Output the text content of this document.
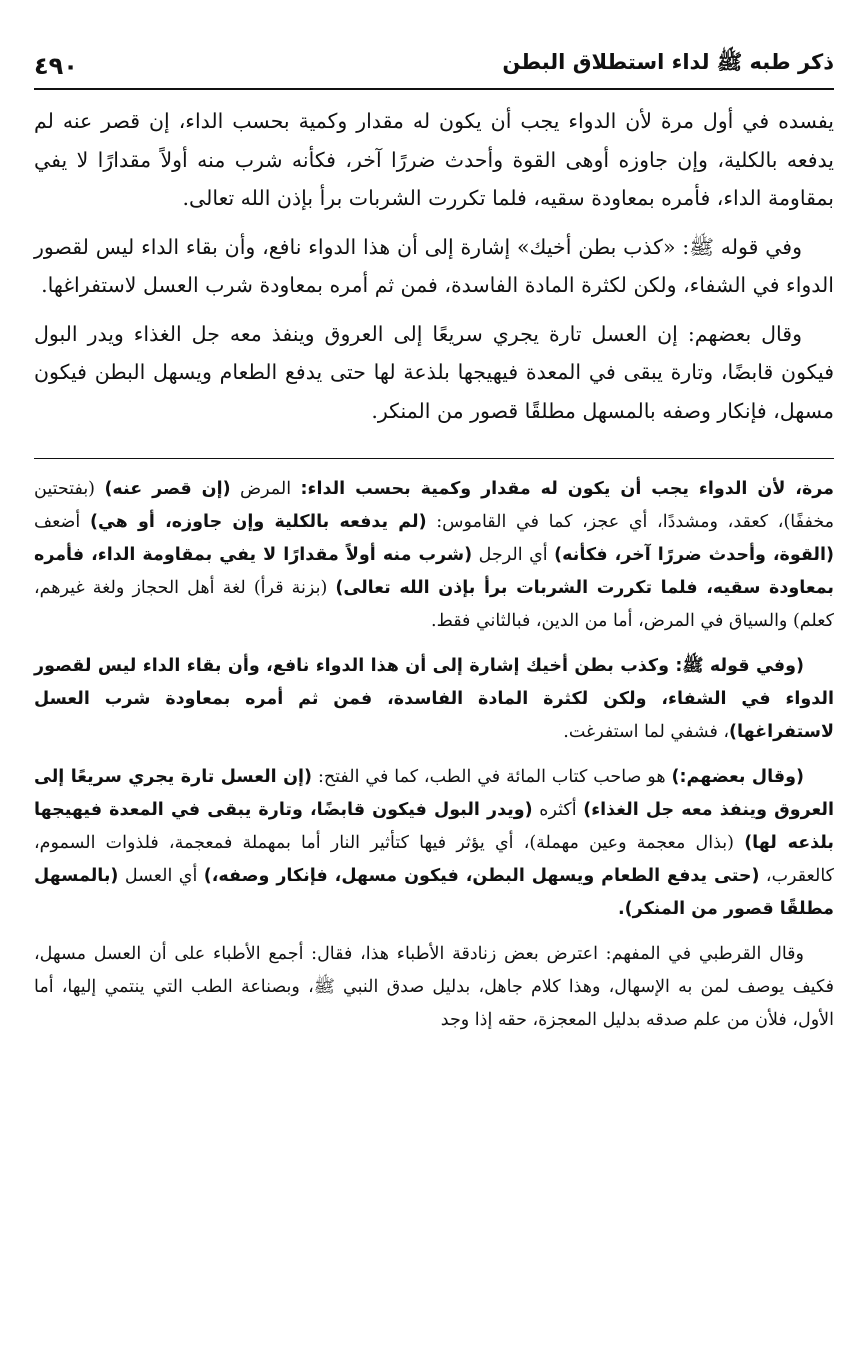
ذكر طبه ﷺ لداء استطلاق البطن
٤٩٠

يفسده في أول مرة لأن الدواء يجب أن يكون له مقدار وكمية بحسب الداء، إن قصر عنه لم يدفعه بالكلية، وإن جاوزه أوهى القوة وأحدث ضررًا آخر، فكأنه شرب منه أولاً مقدارًا لا يفي بمقاومة الداء، فأمره بمعاودة سقيه، فلما تكررت الشربات برأ بإذن الله تعالى.

وفي قوله ﷺ: «كذب بطن أخيك» إشارة إلى أن هذا الدواء نافع، وأن بقاء الداء ليس لقصور الدواء في الشفاء، ولكن لكثرة المادة الفاسدة، فمن ثم أمره بمعاودة شرب العسل لاستفراغها.

وقال بعضهم: إن العسل تارة يجري سريعًا إلى العروق وينفذ معه جل الغذاء ويدر البول فيكون قابضًا، وتارة يبقى في المعدة فيهيجها بلذعة لها حتى يدفع الطعام ويسهل البطن فيكون مسهل، فإنكار وصفه بالمسهل مطلقًا قصور من المنكر.

مرة، لأن الدواء يجب أن يكون له مقدار وكمية بحسب الداء: المرض (إن قصر عنه) (بفتحتين مخففًا)، كعقد، ومشددًا، أي عجز، كما في القاموس: (لم يدفعه بالكلية وإن جاوزه، أو هي) أضعف (القوة، وأحدث ضررًا آخر، فكأنه) أي الرجل (شرب منه أولاً مقدارًا لا يفي بمقاومة الداء، فأمره بمعاودة سقيه، فلما تكررت الشربات برأ بإذن الله تعالى) (بزنة قرأ) لغة أهل الحجاز ولغة غيرهم، كعلم) والسياق في المرض، أما من الدين، فبالثاني فقط.

(وفي قوله ﷺ: وكذب بطن أخيك إشارة إلى أن هذا الدواء نافع، وأن بقاء الداء ليس لقصور الدواء في الشفاء، ولكن لكثرة المادة الفاسدة، فمن ثم أمره بمعاودة شرب العسل لاستفراغها)، فشفي لما استفرغت.

(وقال بعضهم:) هو صاحب كتاب المائة في الطب، كما في الفتح: (إن العسل تارة يجري سريعًا إلى العروق وينفذ معه جل الغذاء) أكثره (ويدر البول فيكون قابضًا، وتارة يبقى في المعدة فيهيجها بلذعه لها) (بذال معجمة وعين مهملة)، أي يؤثر فيها كتأثير النار أما بمهملة فمعجمة، فلذوات السموم، كالعقرب، (حتى يدفع الطعام ويسهل البطن، فيكون مسهل، فإنكار وصفه،) أي العسل (بالمسهل مطلقًا قصور من المنكر).

وقال القرطبي في المفهم: اعترض بعض زنادقة الأطباء هذا، فقال: أجمع الأطباء على أن العسل مسهل، فكيف يوصف لمن به الإسهال، وهذا كلام جاهل، بدليل صدق النبي ﷺ، وبصناعة الطب التي ينتمي إليها، أما الأول، فلأن من علم صدقه بدليل المعجزة، حقه إذا وجد
